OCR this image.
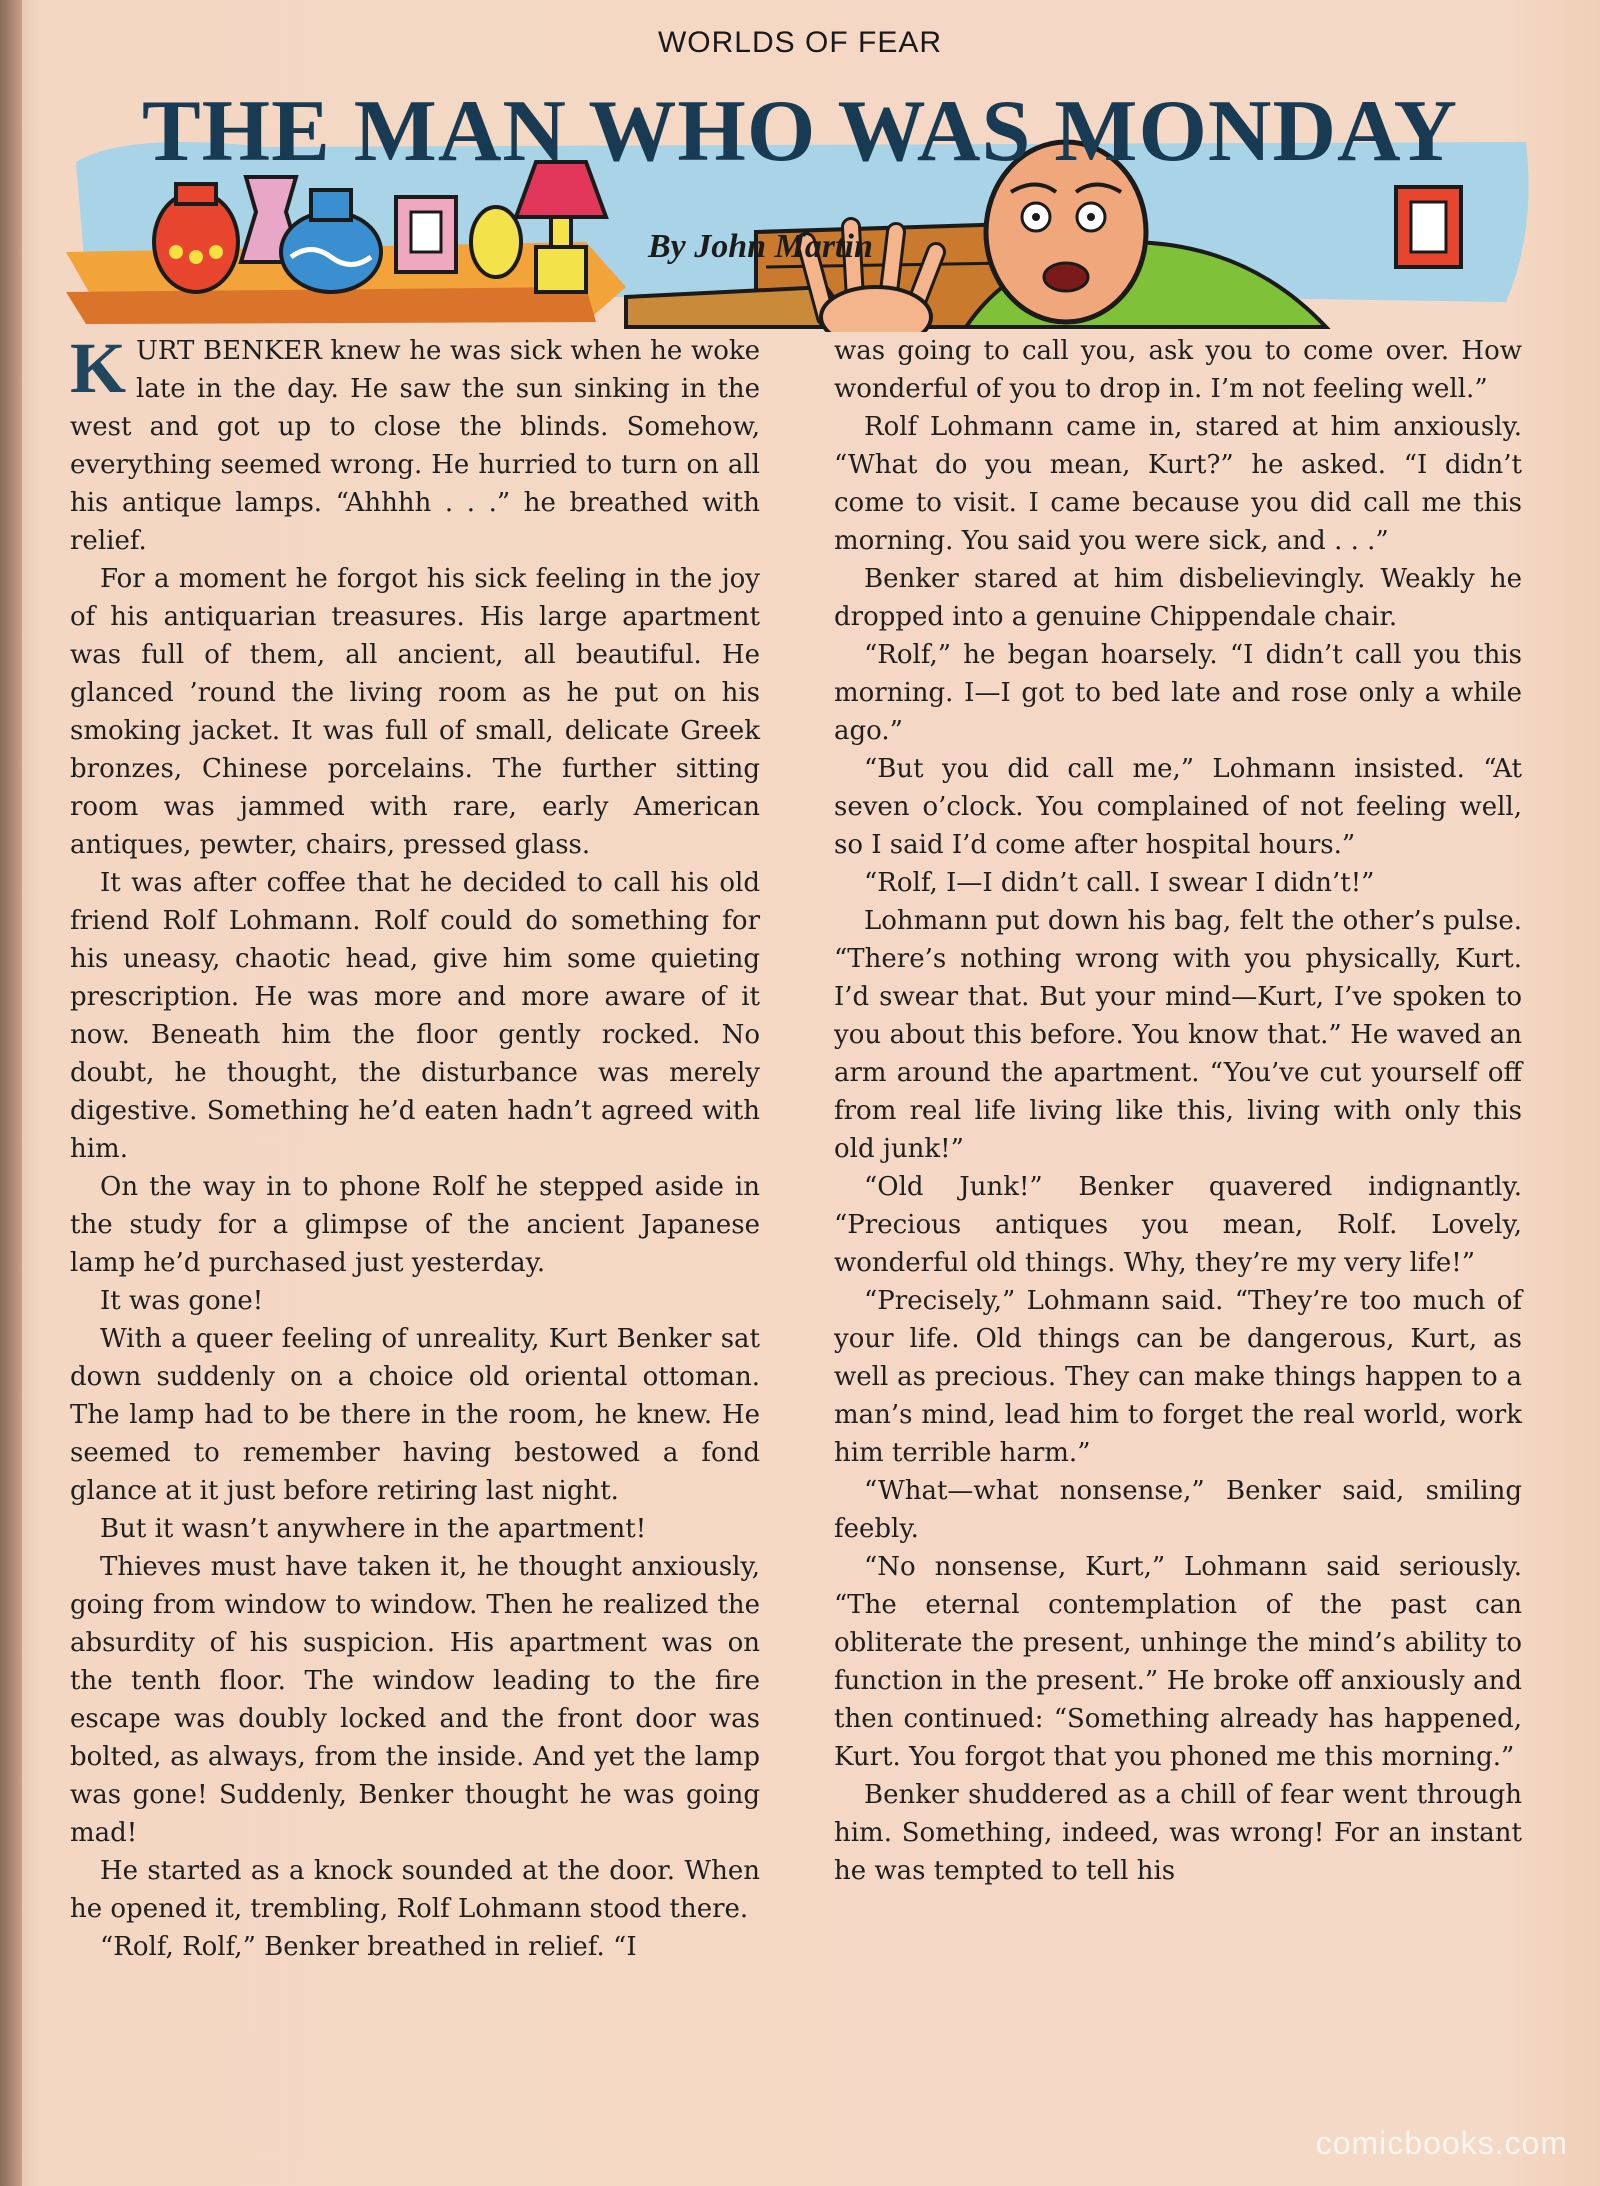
WORLDS OF FEAR
THE MAN WHO WAS MONDAY
By John Martin

KURT BENKER knew he was sick when he woke late in the day. He saw the sun sinking in the west and got up to close the blinds. Somehow, everything seemed wrong. He hurried to turn on all his antique lamps. “Ahhhh . . .” he breathed with relief.

For a moment he forgot his sick feeling in the joy of his antiquarian treasures. His large apartment was full of them, all ancient, all beautiful. He glanced ’round the living room as he put on his smoking jacket. It was full of small, delicate Greek bronzes, Chinese porcelains. The further sitting room was jammed with rare, early American antiques, pewter, chairs, pressed glass.

It was after coffee that he decided to call his old friend Rolf Lohmann. Rolf could do something for his uneasy, chaotic head, give him some quieting prescription. He was more and more aware of it now. Beneath him the floor gently rocked. No doubt, he thought, the disturbance was merely digestive. Something he’d eaten hadn’t agreed with him.

On the way in to phone Rolf he stepped aside in the study for a glimpse of the ancient Japanese lamp he’d purchased just yesterday.

It was gone!

With a queer feeling of unreality, Kurt Benker sat down suddenly on a choice old oriental ottoman. The lamp had to be there in the room, he knew. He seemed to remember having bestowed a fond glance at it just before retiring last night.

But it wasn’t anywhere in the apartment!

Thieves must have taken it, he thought anxiously, going from window to window. Then he realized the absurdity of his suspicion. His apartment was on the tenth floor. The window leading to the fire escape was doubly locked and the front door was bolted, as always, from the inside. And yet the lamp was gone! Suddenly, Benker thought he was going mad!

He started as a knock sounded at the door. When he opened it, trembling, Rolf Lohmann stood there.

“Rolf, Rolf,” Benker breathed in relief. “I

was going to call you, ask you to come over. How wonderful of you to drop in. I’m not feeling well.”

Rolf Lohmann came in, stared at him anxiously. “What do you mean, Kurt?” he asked. “I didn’t come to visit. I came because you did call me this morning. You said you were sick, and . . .”

Benker stared at him disbelievingly. Weakly he dropped into a genuine Chippendale chair.

“Rolf,” he began hoarsely. “I didn’t call you this morning. I—I got to bed late and rose only a while ago.”

“But you did call me,” Lohmann insisted. “At seven o’clock. You complained of not feeling well, so I said I’d come after hospital hours.”

“Rolf, I—I didn’t call. I swear I didn’t!”

Lohmann put down his bag, felt the other’s pulse. “There’s nothing wrong with you physically, Kurt. I’d swear that. But your mind—Kurt, I’ve spoken to you about this before. You know that.” He waved an arm around the apartment. “You’ve cut yourself off from real life living like this, living with only this old junk!”

“Old Junk!” Benker quavered indignantly. “Precious antiques you mean, Rolf. Lovely, wonderful old things. Why, they’re my very life!”

“Precisely,” Lohmann said. “They’re too much of your life. Old things can be dangerous, Kurt, as well as precious. They can make things happen to a man’s mind, lead him to forget the real world, work him terrible harm.”

“What—what nonsense,” Benker said, smiling feebly.

“No nonsense, Kurt,” Lohmann said seriously. “The eternal contemplation of the past can obliterate the present, unhinge the mind’s ability to function in the present.” He broke off anxiously and then continued: “Something already has happened, Kurt. You forgot that you phoned me this morning.”

Benker shuddered as a chill of fear went through him. Something, indeed, was wrong! For an instant he was tempted to tell his

comicbooks.com
